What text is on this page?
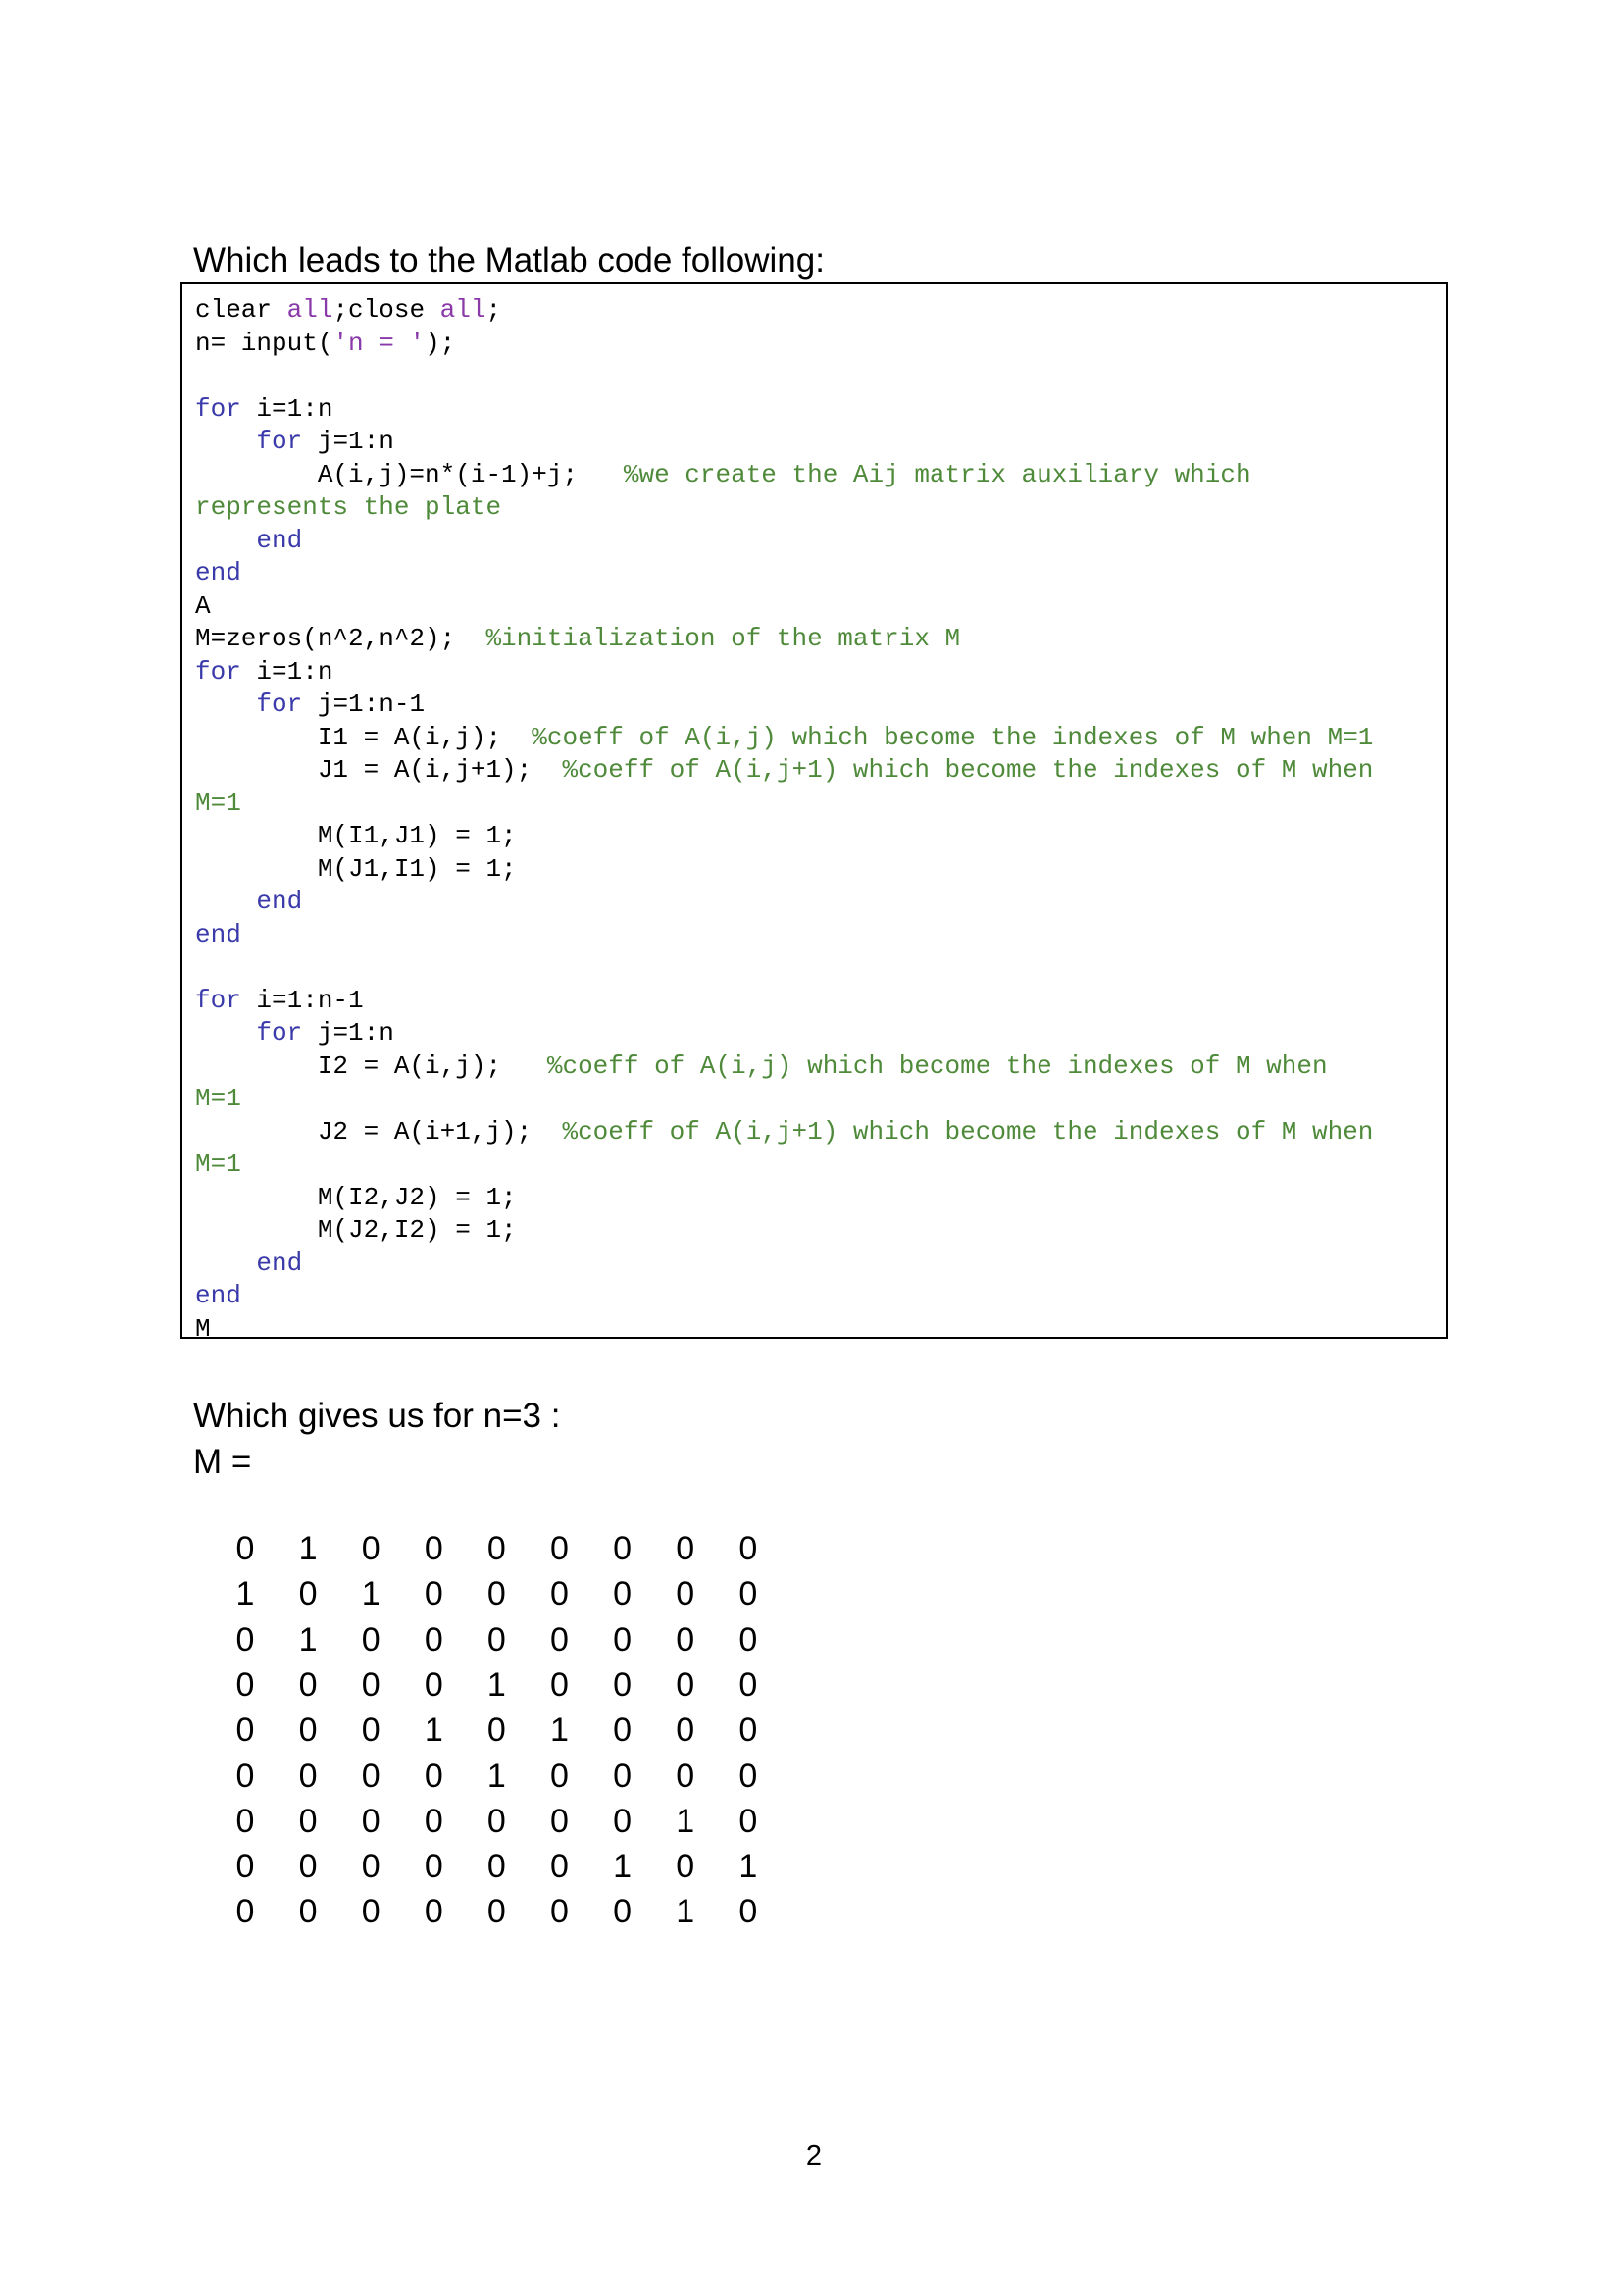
Which leads to the Matlab code following:
clear all;close all;
n= input('n = ');
for i=1:n
for j=1:n
A(i,j)=n*(i-1)+j;   %we create the Aij matrix auxiliary which
represents the plate
end
end
A
M=zeros(n^2,n^2);  %initialization of the matrix M
for i=1:n
for j=1:n-1
I1 = A(i,j);  %coeff of A(i,j) which become the indexes of M when M=1
J1 = A(i,j+1);  %coeff of A(i,j+1) which become the indexes of M when
M=1
M(I1,J1) = 1;
M(J1,I1) = 1;
end
end
for i=1:n-1
for j=1:n
I2 = A(i,j);   %coeff of A(i,j) which become the indexes of M when
M=1
J2 = A(i+1,j);  %coeff of A(i,j+1) which become the indexes of M when
M=1
M(I2,J2) = 1;
M(J2,I2) = 1;
end
end
M
Which gives us for n=3 :
M =
0 1 0 0 0 0 0 0 0
1 0 1 0 0 0 0 0 0
0 1 0 0 0 0 0 0 0
0 0 0 0 1 0 0 0 0
0 0 0 1 0 1 0 0 0
0 0 0 0 1 0 0 0 0
0 0 0 0 0 0 0 1 0
0 0 0 0 0 0 1 0 1
0 0 0 0 0 0 0 1 0
2
